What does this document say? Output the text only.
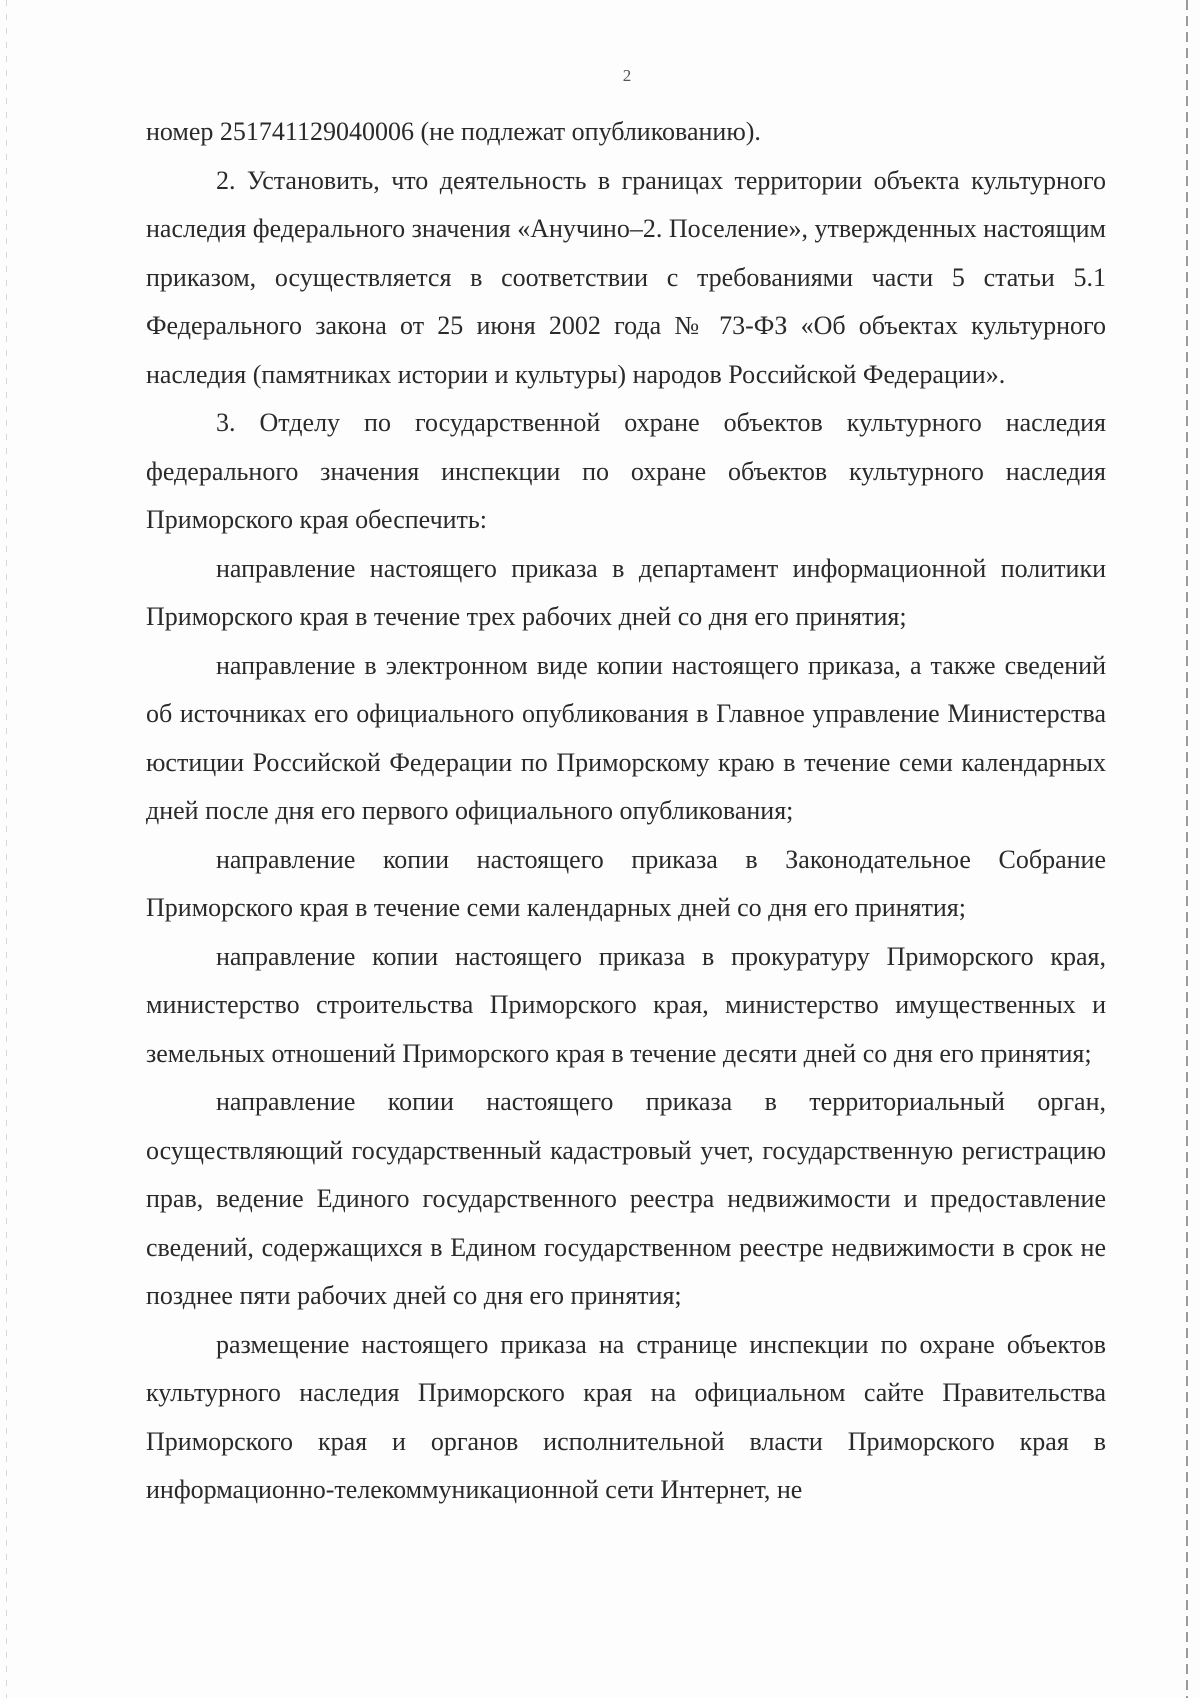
2

номер 251741129040006 (не подлежат опубликованию).

2. Установить, что деятельность в границах территории объекта культурного наследия федерального значения «Анучино–2. Поселение», утвержденных настоящим приказом, осуществляется в соответствии с требованиями части 5 статьи 5.1 Федерального закона от 25 июня 2002 года № 73-ФЗ «Об объектах культурного наследия (памятниках истории и культуры) народов Российской Федерации».

3. Отделу по государственной охране объектов культурного наследия федерального значения инспекции по охране объектов культурного наследия Приморского края обеспечить:

направление настоящего приказа в департамент информационной политики Приморского края в течение трех рабочих дней со дня его принятия;

направление в электронном виде копии настоящего приказа, а также сведений об источниках его официального опубликования в Главное управление Министерства юстиции Российской Федерации по Приморскому краю в течение семи календарных дней после дня его первого официального опубликования;

направление копии настоящего приказа в Законодательное Собрание Приморского края в течение семи календарных дней со дня его принятия;

направление копии настоящего приказа в прокуратуру Приморского края, министерство строительства Приморского края, министерство имущественных и земельных отношений Приморского края в течение десяти дней со дня его принятия;

направление копии настоящего приказа в территориальный орган, осуществляющий государственный кадастровый учет, государственную регистрацию прав, ведение Единого государственного реестра недвижимости и предоставление сведений, содержащихся в Едином государственном реестре недвижимости в срок не позднее пяти рабочих дней со дня его принятия;

размещение настоящего приказа на странице инспекции по охране объектов культурного наследия Приморского края на официальном сайте Правительства Приморского края и органов исполнительной власти Приморского края в информационно-телекоммуникационной сети Интернет, не
